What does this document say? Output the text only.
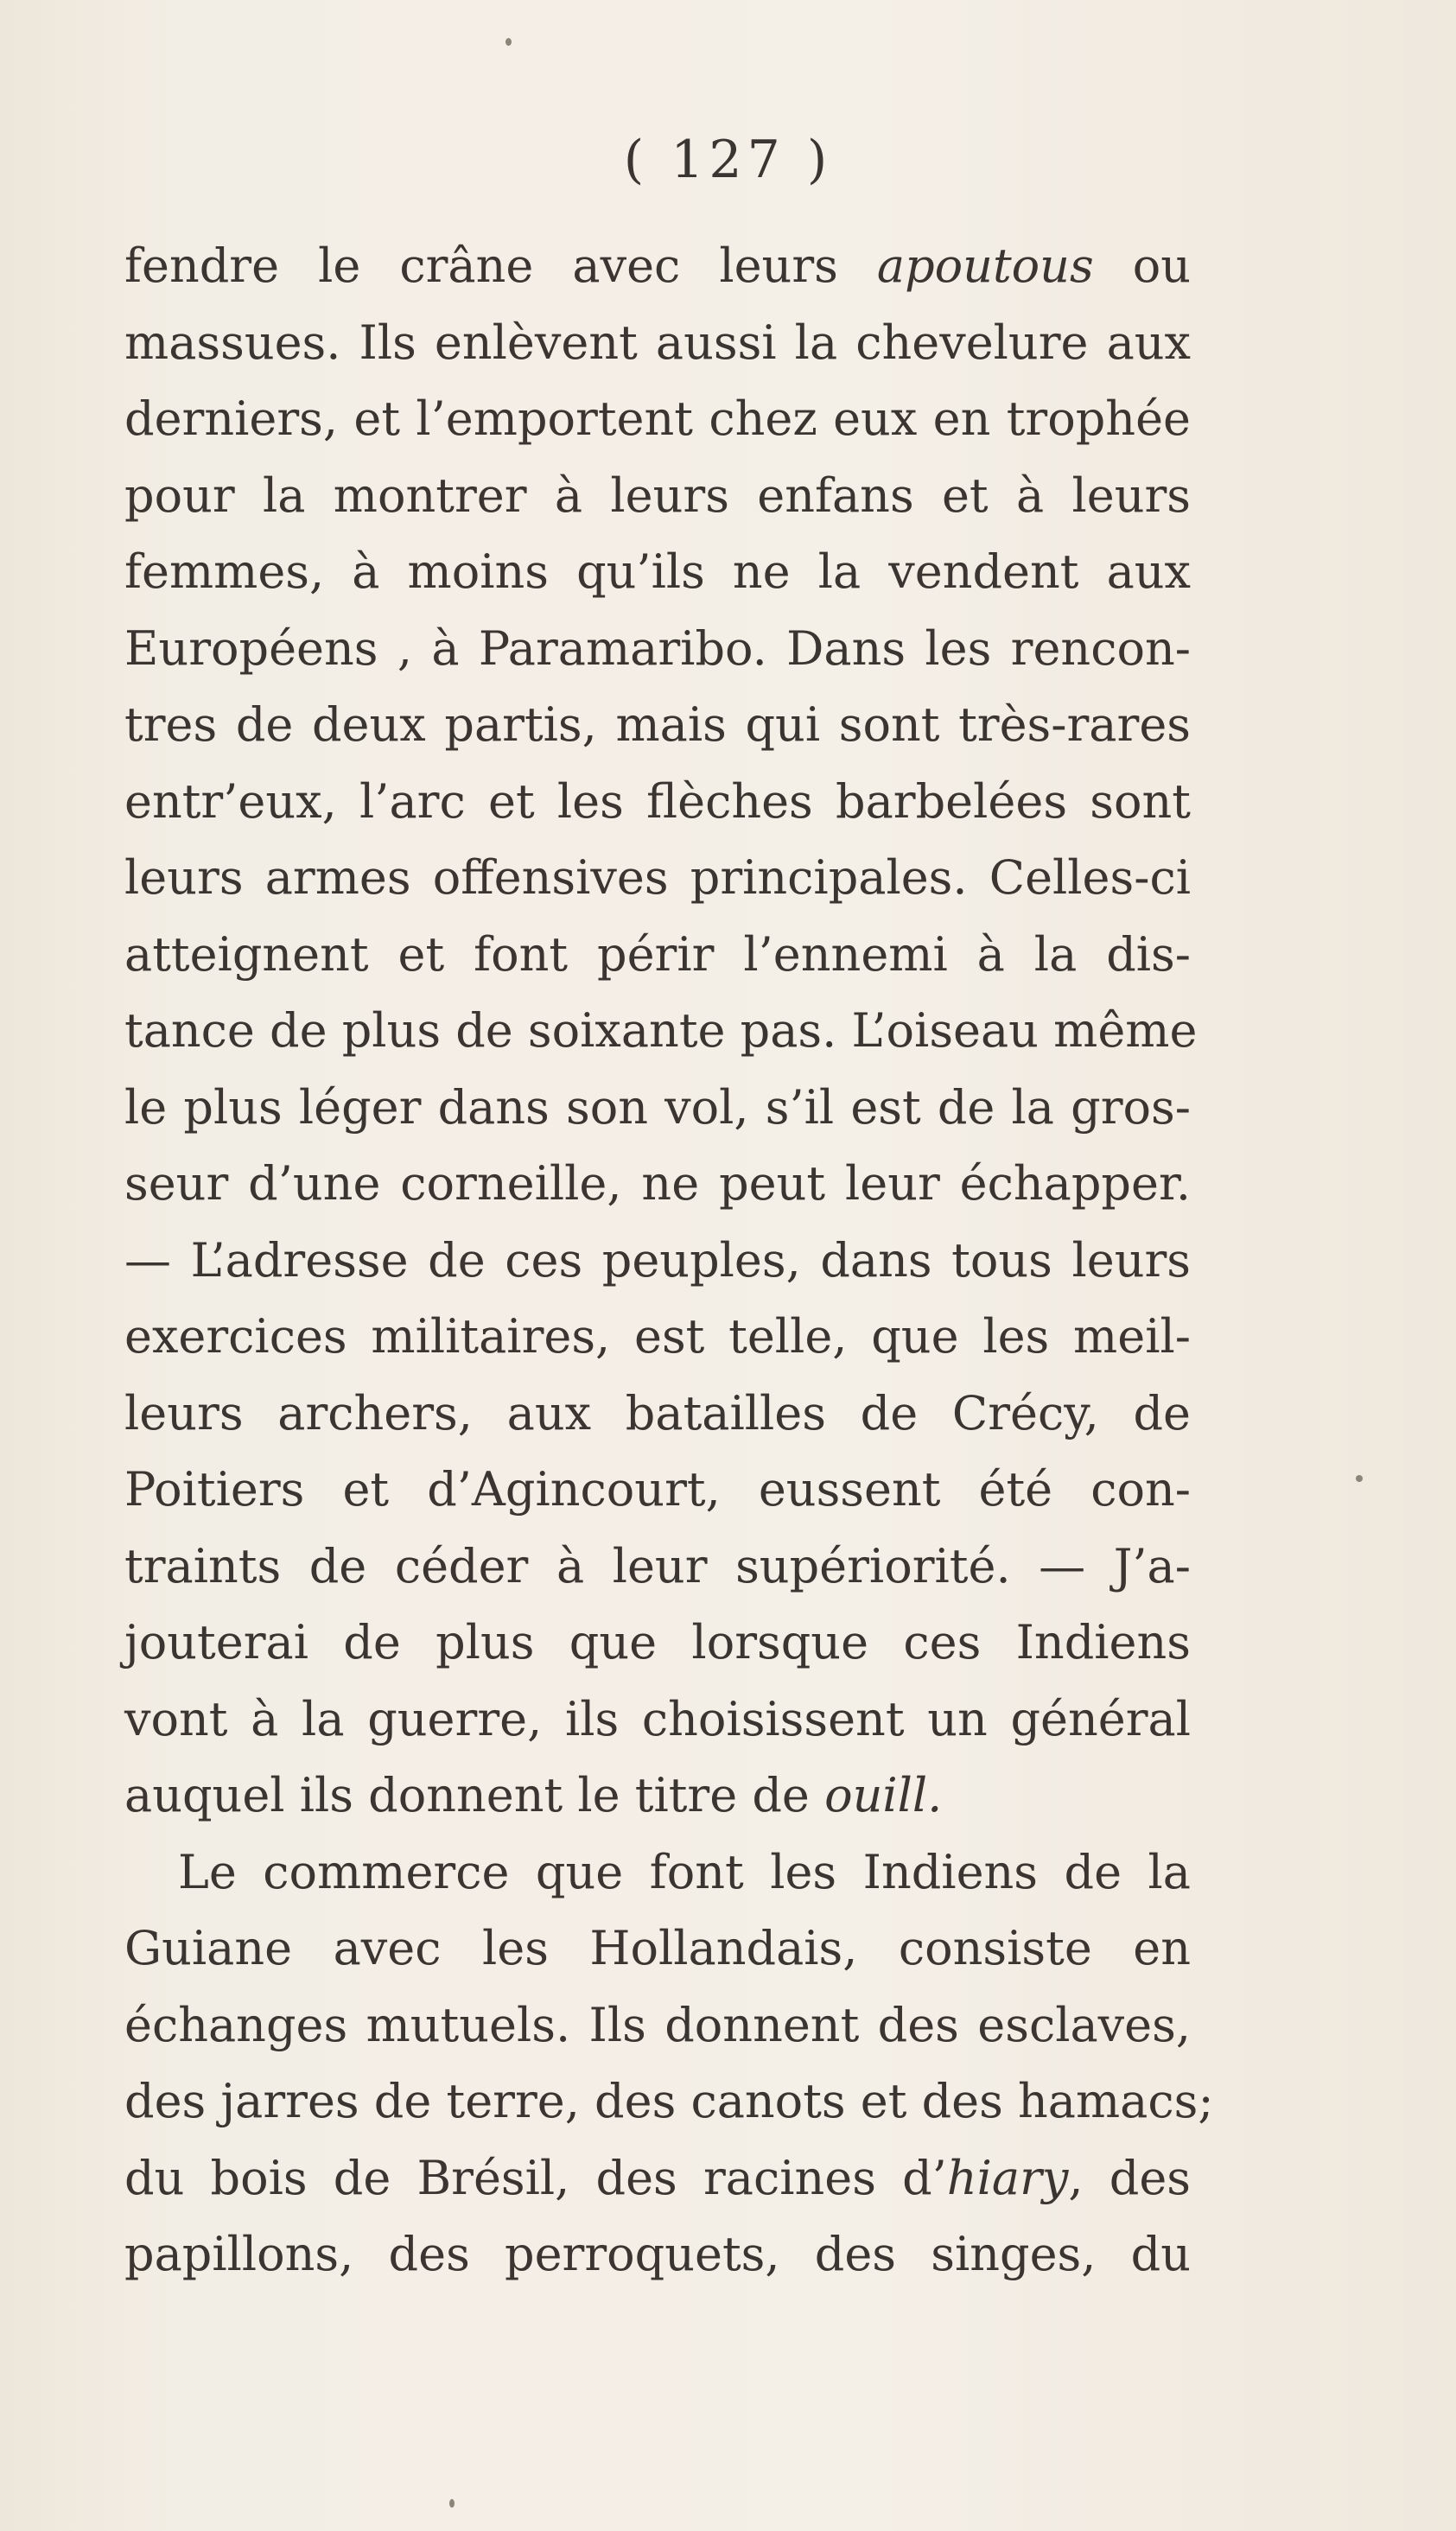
( 127 )
fendre le crâne avec leurs apoutous ou
massues. Ils enlèvent aussi la chevelure aux
derniers, et l’emportent chez eux en trophée
pour la montrer à leurs enfans et à leurs
femmes, à moins qu’ils ne la vendent aux
Européens , à Paramaribo. Dans les rencon-
tres de deux partis, mais qui sont très-rares
entr’eux, l’arc et les flèches barbelées sont
leurs armes offensives principales. Celles-ci
atteignent et font périr l’ennemi à la dis-
tance de plus de soixante pas. L’oiseau même
le plus léger dans son vol, s’il est de la gros-
seur d’une corneille, ne peut leur échapper.
— L’adresse de ces peuples, dans tous leurs
exercices militaires, est telle, que les meil-
leurs archers, aux batailles de Crécy, de
Poitiers et d’Agincourt, eussent été con-
traints de céder à leur supériorité. — J’a-
jouterai de plus que lorsque ces Indiens
vont à la guerre, ils choisissent un général
auquel ils donnent le titre de ouill.
Le commerce que font les Indiens de la
Guiane avec les Hollandais, consiste en
échanges mutuels. Ils donnent des esclaves,
des jarres de terre, des canots et des hamacs;
du bois de Brésil, des racines d’hiary, des
papillons, des perroquets, des singes, du
